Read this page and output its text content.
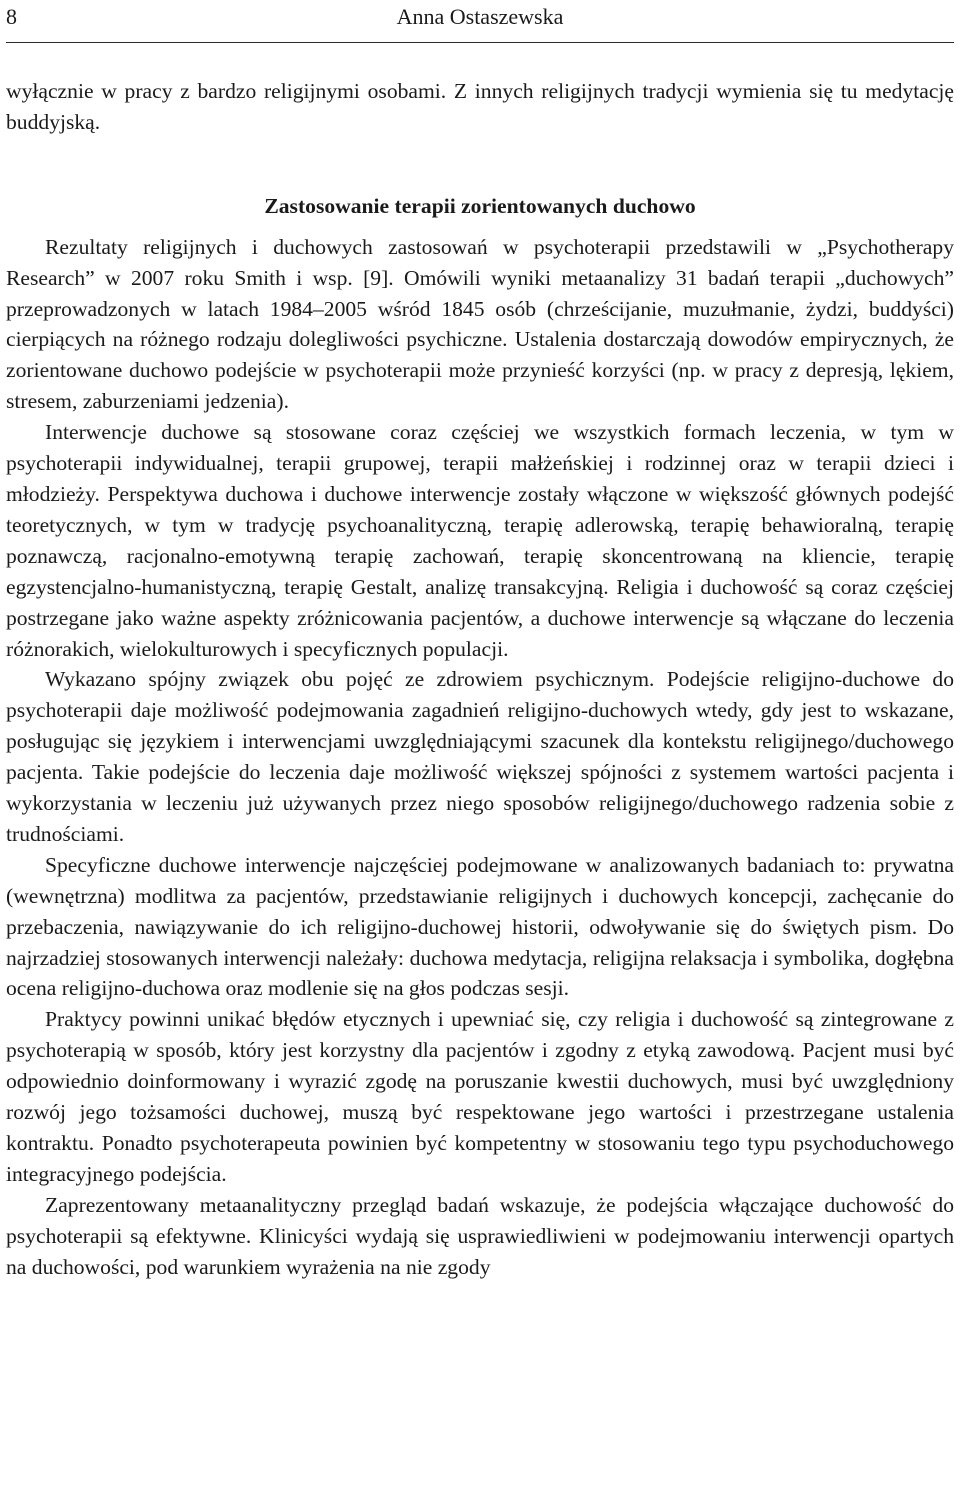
8	Anna Ostaszewska

wyłącznie w pracy z bardzo religijnymi osobami. Z innych religijnych tradycji wymienia się tu medytację buddyjską.

Zastosowanie terapii zorientowanych duchowo

Rezultaty religijnych i duchowych zastosowań w psychoterapii przedstawili w „Psychotherapy Research” w 2007 roku Smith i wsp. [9]. Omówili wyniki metaanalizy 31 badań terapii „duchowych” przeprowadzonych w latach 1984–2005 wśród 1845 osób (chrześcijanie, muzułmanie, żydzi, buddyści) cierpiących na różnego rodzaju dolegliwości psychiczne. Ustalenia dostarczają dowodów empirycznych, że zorientowane duchowo podejście w psychoterapii może przynieść korzyści (np. w pracy z depresją, lękiem, stresem, zaburzeniami jedzenia).

Interwencje duchowe są stosowane coraz częściej we wszystkich formach leczenia, w tym w psychoterapii indywidualnej, terapii grupowej, terapii małżeńskiej i rodzinnej oraz w terapii dzieci i młodzieży. Perspektywa duchowa i duchowe interwencje zostały włączone w większość głównych podejść teoretycznych, w tym w tradycję psychoanalityczną, terapię adlerowską, terapię behawioralną, terapię poznawczą, racjonalno-emotywną terapię zachowań, terapię skoncentrowaną na kliencie, terapię egzystencjalno-humanistyczną, terapię Gestalt, analizę transakcyjną. Religia i duchowość są coraz częściej postrzegane jako ważne aspekty zróżnicowania pacjentów, a duchowe interwencje są włączane do leczenia różnorakich, wielokulturowych i specyficznych populacji.

Wykazano spójny związek obu pojęć ze zdrowiem psychicznym. Podejście religijno-duchowe do psychoterapii daje możliwość podejmowania zagadnień religijno-duchowych wtedy, gdy jest to wskazane, posługując się językiem i interwencjami uwzględniającymi szacunek dla kontekstu religijnego/duchowego pacjenta. Takie podejście do leczenia daje możliwość większej spójności z systemem wartości pacjenta i wykorzystania w leczeniu już używanych przez niego sposobów religijnego/duchowego radzenia sobie z trudnościami.

Specyficzne duchowe interwencje najczęściej podejmowane w analizowanych badaniach to: prywatna (wewnętrzna) modlitwa za pacjentów, przedstawianie religijnych i duchowych koncepcji, zachęcanie do przebaczenia, nawiązywanie do ich religijno-duchowej historii, odwoływanie się do świętych pism. Do najrzadziej stosowanych interwencji należały: duchowa medytacja, religijna relaksacja i symbolika, dogłębna ocena religijno-duchowa oraz modlenie się na głos podczas sesji.

Praktycy powinni unikać błędów etycznych i upewniać się, czy religia i duchowość są zintegrowane z psychoterapią w sposób, który jest korzystny dla pacjentów i zgodny z etyką zawodową. Pacjent musi być odpowiednio doinformowany i wyrazić zgodę na poruszanie kwestii duchowych, musi być uwzględniony rozwój jego tożsamości duchowej, muszą być respektowane jego wartości i przestrzegane ustalenia kontraktu. Ponadto psychoterapeuta powinien być kompetentny w stosowaniu tego typu psychoduchowego integracyjnego podejścia.

Zaprezentowany metaanalityczny przegląd badań wskazuje, że podejścia włączające duchowość do psychoterapii są efektywne. Klinicyści wydają się usprawiedliwieni w podejmowaniu interwencji opartych na duchowości, pod warunkiem wyrażenia na nie zgody
